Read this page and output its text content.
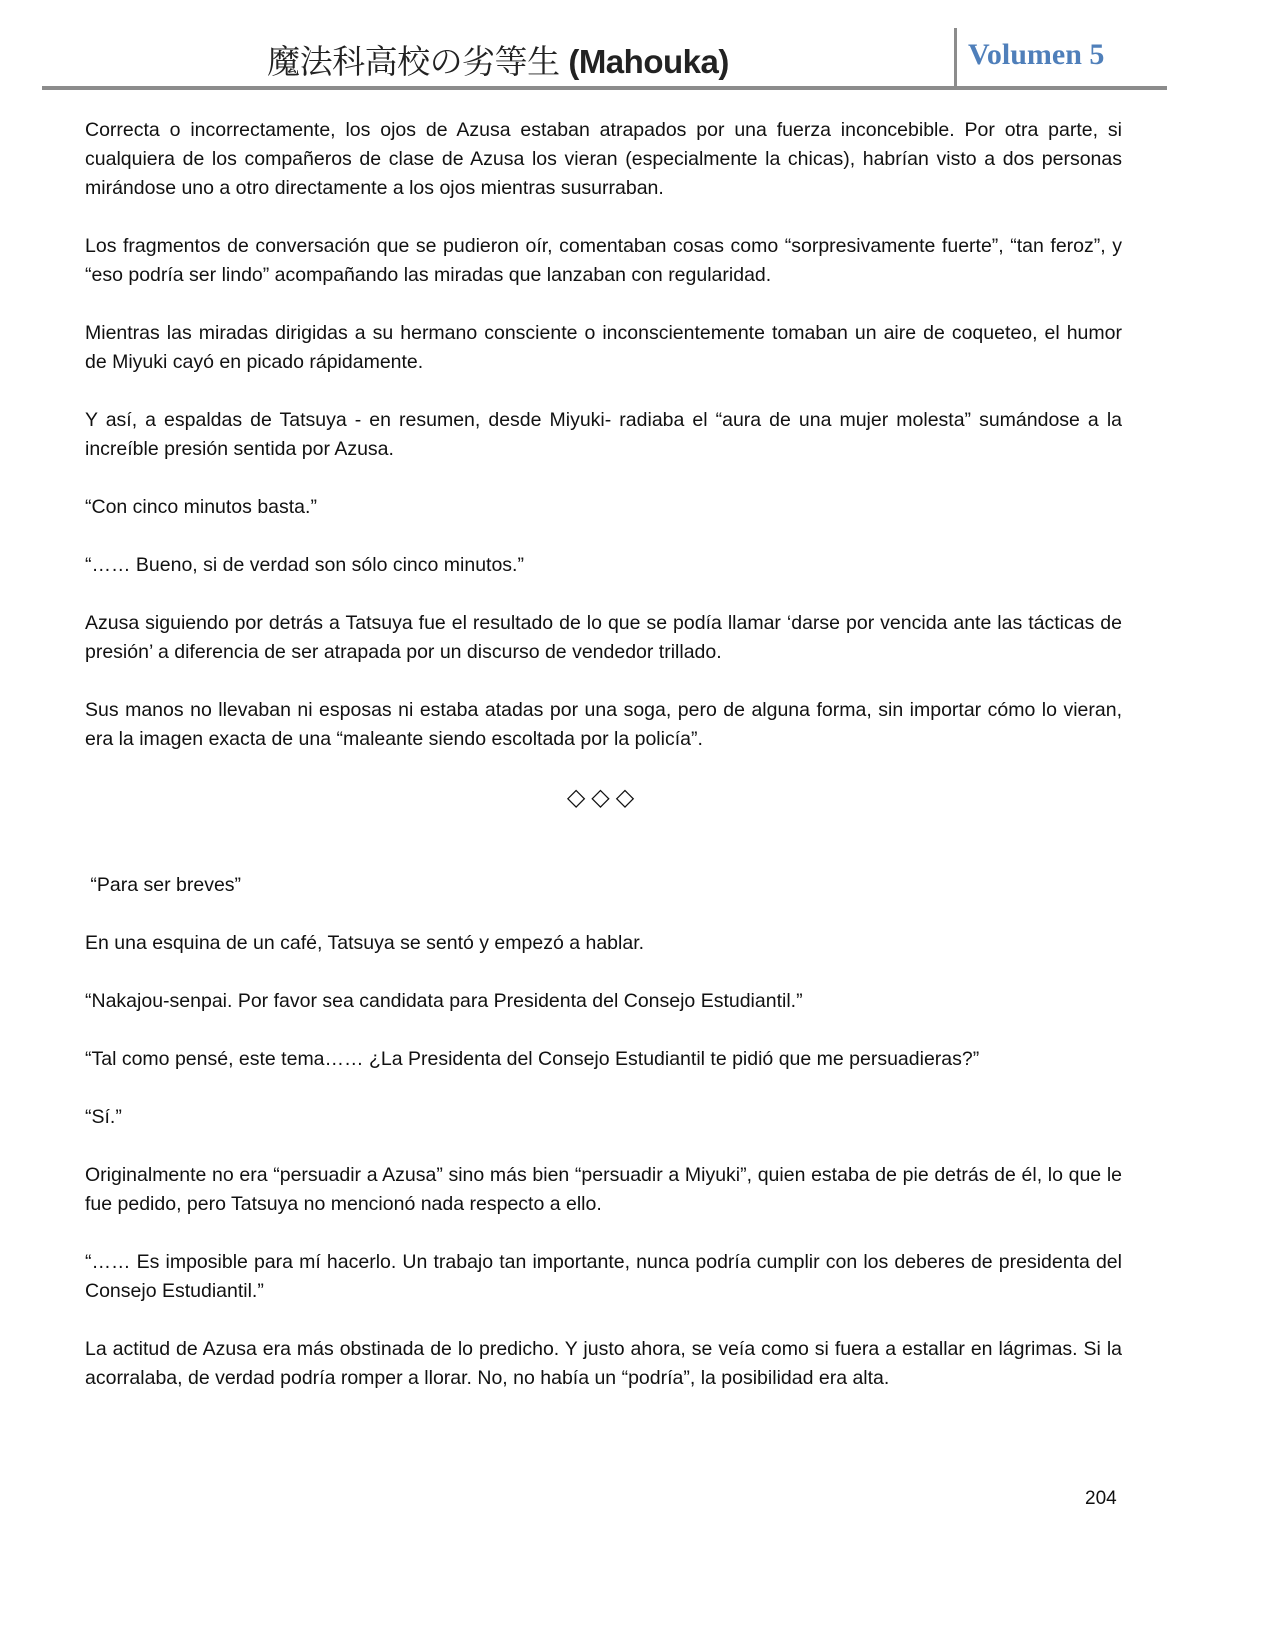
魔法科高校の劣等生 (Mahouka)	Volumen 5

Correcta o incorrectamente, los ojos de Azusa estaban atrapados por una fuerza inconcebible. Por otra parte, si cualquiera de los compañeros de clase de Azusa los vieran (especialmente la chicas), habrían visto a dos personas mirándose uno a otro directamente a los ojos mientras susurraban.

Los fragmentos de conversación que se pudieron oír, comentaban cosas como “sorpresivamente fuerte”, “tan feroz”, y “eso podría ser lindo” acompañando las miradas que lanzaban con regularidad.

Mientras las miradas dirigidas a su hermano consciente o inconscientemente tomaban un aire de coqueteo, el humor de Miyuki cayó en picado rápidamente.

Y así, a espaldas de Tatsuya - en resumen, desde Miyuki- radiaba el “aura de una mujer molesta” sumándose a la increíble presión sentida por Azusa.

“Con cinco minutos basta.”

“…… Bueno, si de verdad son sólo cinco minutos.”

Azusa siguiendo por detrás a Tatsuya fue el resultado de lo que se podía llamar ‘darse por vencida ante las tácticas de presión’ a diferencia de ser atrapada por un discurso de vendedor trillado.

Sus manos no llevaban ni esposas ni estaba atadas por una soga, pero de alguna forma, sin importar cómo lo vieran, era la imagen exacta de una “maleante siendo escoltada por la policía”.

◇◇◇

“Para ser breves”

En una esquina de un café, Tatsuya se sentó y empezó a hablar.

“Nakajou-senpai. Por favor sea candidata para Presidenta del Consejo Estudiantil.”

“Tal como pensé, este tema…… ¿La Presidenta del Consejo Estudiantil te pidió que me persuadieras?”

“Sí.”

Originalmente no era “persuadir a Azusa” sino más bien “persuadir a Miyuki”, quien estaba de pie detrás de él, lo que le fue pedido, pero Tatsuya no mencionó nada respecto a ello.

“…… Es imposible para mí hacerlo. Un trabajo tan importante, nunca podría cumplir con los deberes de presidenta del Consejo Estudiantil.”

La actitud de Azusa era más obstinada de lo predicho. Y justo ahora, se veía como si fuera a estallar en lágrimas. Si la acorralaba, de verdad podría romper a llorar. No, no había un “podría”, la posibilidad era alta.

204
